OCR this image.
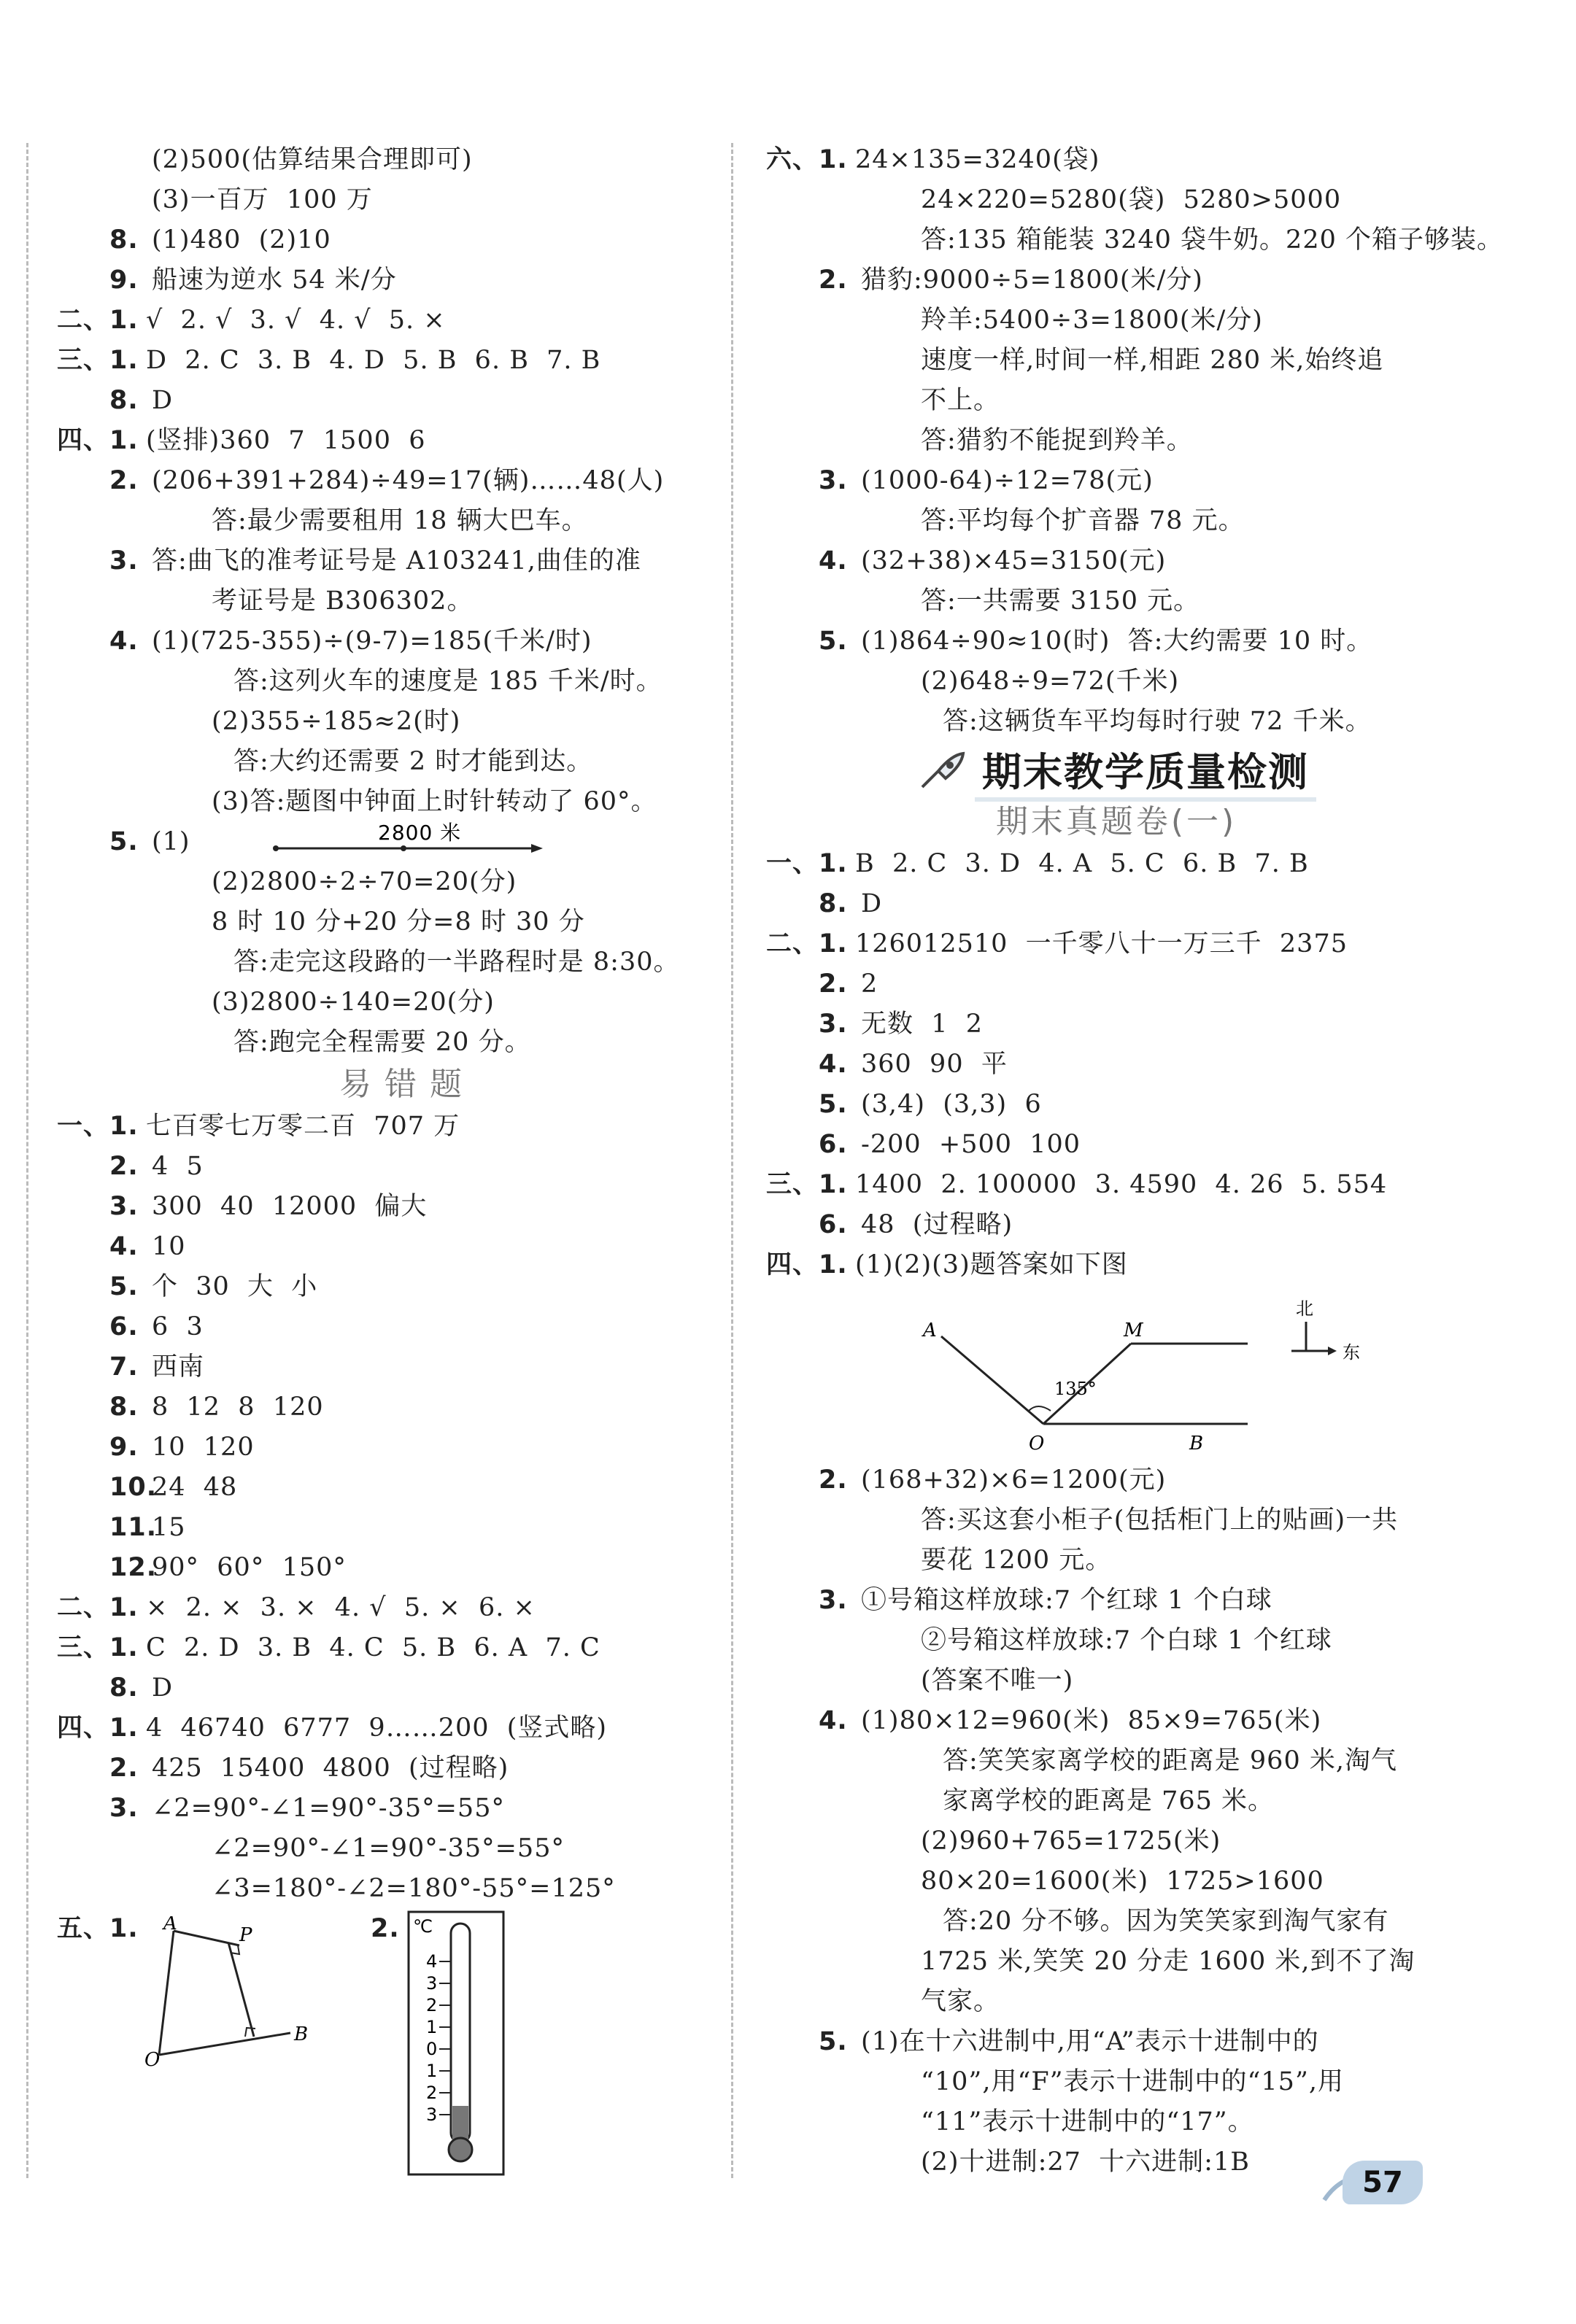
(2)500(估算结果合理即可)
(3)一百万  100 万
8. (1)480  (2)10
9. 船速为逆水 54 米/分
二、1. √  2. √  3. √  4. √  5. ×
三、1. D  2. C  3. B  4. D  5. B  6. B  7. B
8. D
四、1. (竖排)360  7  1500  6
2. (206+391+284)÷49=17(辆)……48(人)
答:最少需要租用 18 辆大巴车。
3. 答:曲飞的准考证号是 A103241,曲佳的准
考证号是 B306302。
4. (1)(725-355)÷(9-7)=185(千米/时)
答:这列火车的速度是 185 千米/时。
(2)355÷185≈2(时)
答:大约还需要 2 时才能到达。
(3)答:题图中钟面上时针转动了 60°。
5. (1)	2800 米
(2)2800÷2÷70=20(分)
8 时 10 分+20 分=8 时 30 分
答:走完这段路的一半路程时是 8:30。
(3)2800÷140=20(分)
答:跑完全程需要 20 分。
易错题
一、1. 七百零七万零二百  707 万
2. 4  5
3. 300  40  12000  偏大
4. 10
5. 个  30  大  小
6. 6  3
7. 西南
8. 8  12  8  120
9. 10  120
10.
24  48
11.
15
12.
90°  60°  150°
二、1. ×  2. ×  3. ×  4. √  5. ×  6. ×
三、1. C  2. D  3. B  4. C  5. B  6. A  7. C
8. D
四、1. 4  46740  6777  9……200  (竖式略)
2. 425  15400  4800  (过程略)
3. ∠2=90°-∠1=90°-35°=55°
∠2=90°-∠1=90°-35°=55°
∠3=180°-∠2=180°-55°=125°
五、1. A
P
B
O
2. ℃
4
3
2
1
0
1
2
3
六、1. 24×135=3240(袋)
24×220=5280(袋)  5280>5000
答:135 箱能装 3240 袋牛奶。220 个箱子够装。
2. 猎豹:9000÷5=1800(米/分)
羚羊:5400÷3=1800(米/分)
速度一样,时间一样,相距 280 米,始终追
不上。
答:猎豹不能捉到羚羊。
3. (1000-64)÷12=78(元)
答:平均每个扩音器 78 元。
4. (32+38)×45=3150(元)
答:一共需要 3150 元。
5. (1)864÷90≈10(时)  答:大约需要 10 时。
(2)648÷9=72(千米)
答:这辆货车平均每时行驶 72 千米。
期末教学质量检测
期末真题卷(一)
一、1. B  2. C  3. D  4. A  5. C  6. B  7. B
8. D
二、1. 126012510  一千零八十一万三千  2375
2. 2
3. 无数  1  2
4. 360  90  平
5. (3,4)  (3,3)  6
6. -200  +500  100
三、1. 1400  2. 100000  3. 4590  4. 26  5. 554
6. 48  (过程略)
四、1. (1)(2)(3)题答案如下图
A	M
O	B
135°
北
东
2. (168+32)×6=1200(元)
答:买这套小柜子(包括柜门上的贴画)一共
要花 1200 元。
3. ①号箱这样放球:7 个红球 1 个白球
②号箱这样放球:7 个白球 1 个红球
(答案不唯一)
4. (1)80×12=960(米)  85×9=765(米)
答:笑笑家离学校的距离是 960 米,淘气
家离学校的距离是 765 米。
(2)960+765=1725(米)
80×20=1600(米)  1725>1600
答:20 分不够。因为笑笑家到淘气家有
1725 米,笑笑 20 分走 1600 米,到不了淘
气家。
5. (1)在十六进制中,用“A”表示十进制中的
“10”,用“F”表示十进制中的“15”,用
“11”表示十进制中的“17”。
(2)十进制:27  十六进制:1B
57
